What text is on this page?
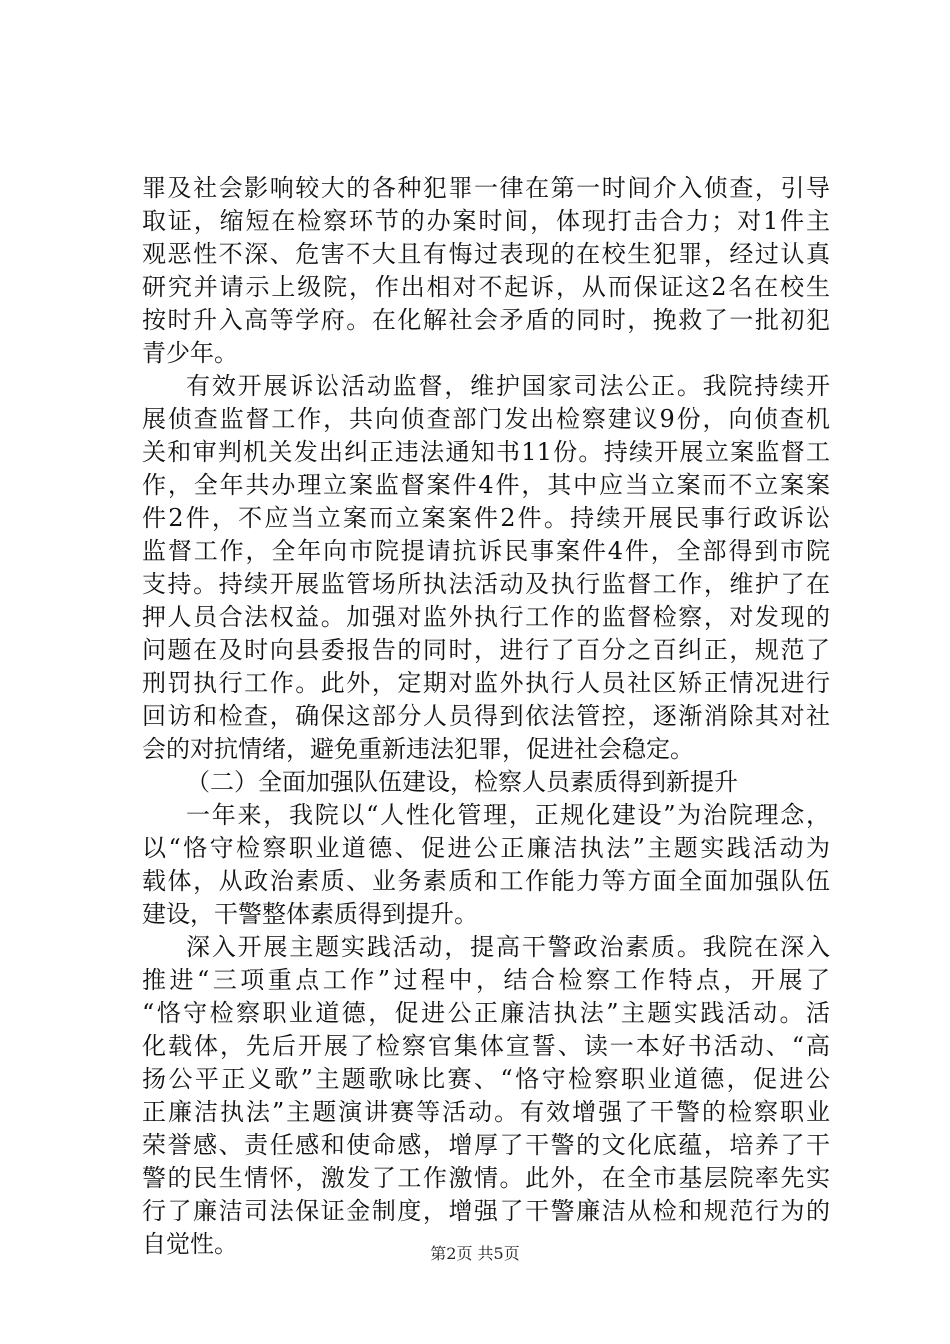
罪及社会影响较大的各种犯罪一律在第一时间介入侦查，引导
取证，缩短在检察环节的办案时间，体现打击合力；对1件主
观恶性不深、危害不大且有悔过表现的在校生犯罪，经过认真
研究并请示上级院，作出相对不起诉，从而保证这2名在校生
按时升入高等学府。在化解社会矛盾的同时，挽救了一批初犯
青少年。
有效开展诉讼活动监督，维护国家司法公正。我院持续开
展侦查监督工作，共向侦查部门发出检察建议9份，向侦查机
关和审判机关发出纠正违法通知书11份。持续开展立案监督工
作，全年共办理立案监督案件4件，其中应当立案而不立案案
件2件，不应当立案而立案案件2件。持续开展民事行政诉讼
监督工作，全年向市院提请抗诉民事案件4件，全部得到市院
支持。持续开展监管场所执法活动及执行监督工作，维护了在
押人员合法权益。加强对监外执行工作的监督检察，对发现的
问题在及时向县委报告的同时，进行了百分之百纠正，规范了
刑罚执行工作。此外，定期对监外执行人员社区矫正情况进行
回访和检查，确保这部分人员得到依法管控，逐渐消除其对社
会的对抗情绪，避免重新违法犯罪，促进社会稳定。
（二）全面加强队伍建设，检察人员素质得到新提升
一年来，我院以“人性化管理，正规化建设”为治院理念，
以“恪守检察职业道德、促进公正廉洁执法”主题实践活动为
载体，从政治素质、业务素质和工作能力等方面全面加强队伍
建设，干警整体素质得到提升。
深入开展主题实践活动，提高干警政治素质。我院在深入
推进“三项重点工作”过程中，结合检察工作特点，开展了
“恪守检察职业道德，促进公正廉洁执法”主题实践活动。活
化载体，先后开展了检察官集体宣誓、读一本好书活动、“高
扬公平正义歌”主题歌咏比赛、“恪守检察职业道德，促进公
正廉洁执法”主题演讲赛等活动。有效增强了干警的检察职业
荣誉感、责任感和使命感，增厚了干警的文化底蕴，培养了干
警的民生情怀，激发了工作激情。此外，在全市基层院率先实
行了廉洁司法保证金制度，增强了干警廉洁从检和规范行为的
自觉性。	第2页 共5页
